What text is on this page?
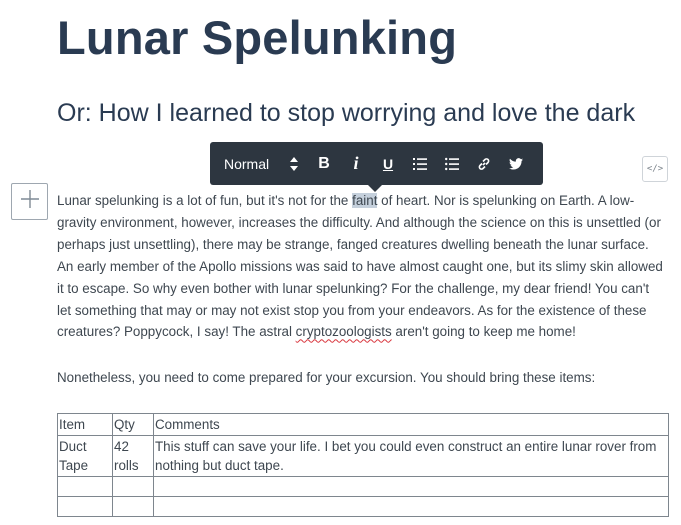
Lunar Spelunking
Or: How I learned to stop worrying and love the dark
Normal	B i U	</>
Lunar spelunking is a lot of fun, but it's not for the faint of heart. Nor is spelunking on Earth. A low-gravity environment, however, increases the difficulty. And although the science on this is unsettled (or perhaps just unsettling), there may be strange, fanged creatures dwelling beneath the lunar surface. An early member of the Apollo missions was said to have almost caught one, but its slimy skin allowed it to escape. So why even bother with lunar spelunking? For the challenge, my dear friend! You can't let something that may or may not exist stop you from your endeavors. As for the existence of these creatures? Poppycock, I say! The astral cryptozoologists aren't going to keep me home!
Nonetheless, you need to come prepared for your excursion. You should bring these items:
Item	Qty	Comments
Duct Tape	42 rolls	This stuff can save your life. I bet you could even construct an entire lunar rover from nothing but duct tape.
